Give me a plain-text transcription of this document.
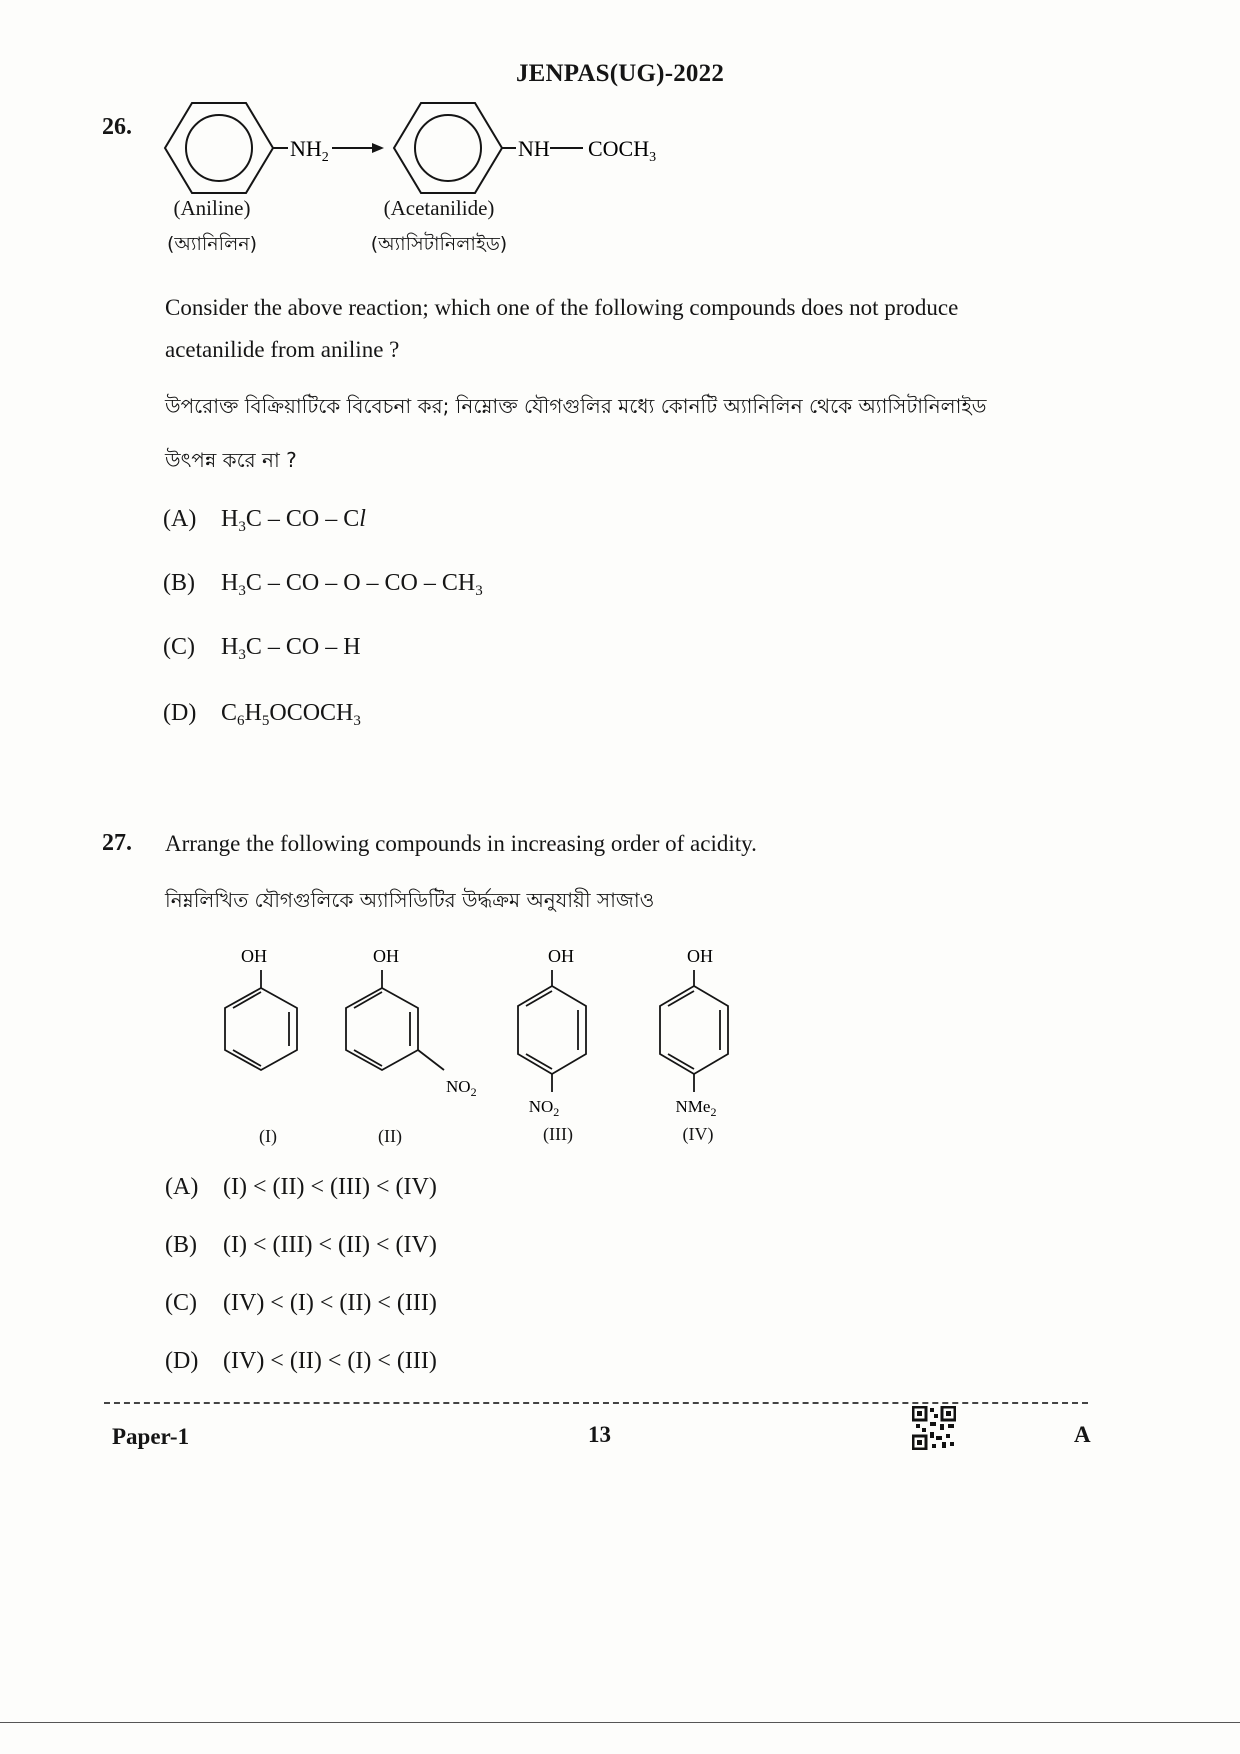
JENPAS(UG)-2022
26.
$NH_2$	NH $COCH_3$
(Aniline)
(অ্যানিলিন)
(Acetanilide)
(অ্যাসিটানিলাইড)
Consider the above reaction; which one of the following compounds does not produce
acetanilide from aniline ?
উপরোক্ত বিক্রিয়াটিকে বিবেচনা কর; নিম্নোক্ত যৌগগুলির মধ্যে কোনটি অ্যানিলিন থেকে অ্যাসিটানিলাইড
উৎপন্ন করে না ?
(A) $H_3C$ – CO – Cl
(B) $H_3C$ – CO – O – CO – $CH_3$
(C) $H_3C$ – CO – H
(D) $C_6H_5OCOCH_3$
27. Arrange the following compounds in increasing order of acidity.
নিম্নলিখিত যৌগগুলিকে অ্যাসিডিটির উর্দ্ধক্রম অনুযায়ী সাজাও
OH	OH
$NO_2$
OH
$NO_2$
OH
NMe$_2$
(I)	(II)	(III)	(IV)
(A) (I) < (II) < (III) < (IV)
(B) (I) < (III) < (II) < (IV)
(C) (IV) < (I) < (II) < (III)
(D) (IV) < (II) < (I) < (III)
Paper-1	13	A
